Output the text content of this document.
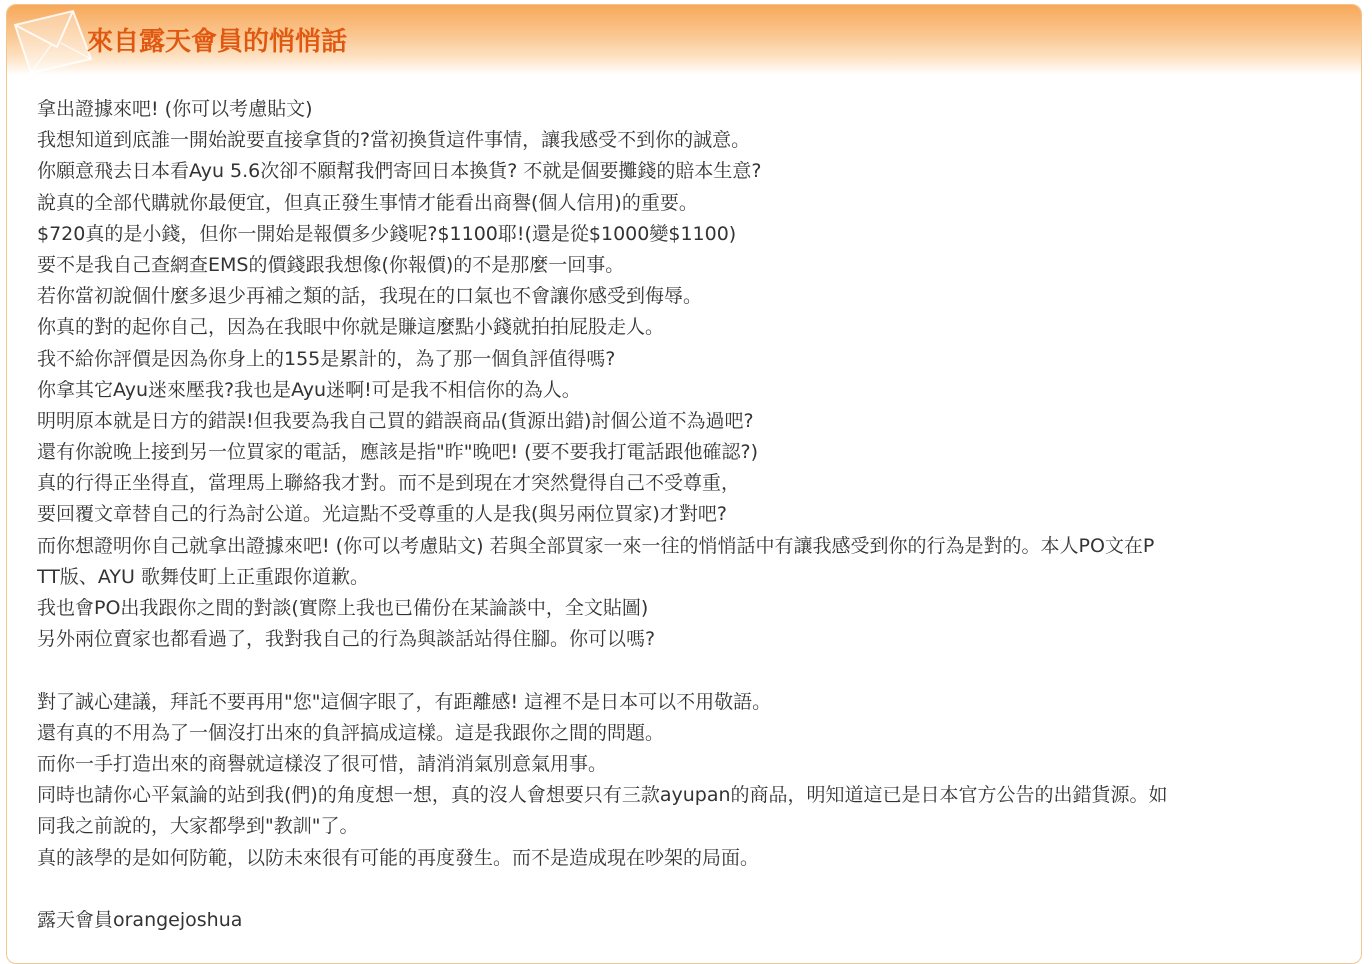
來自露天會員的悄悄話
拿出證據來吧! (你可以考慮貼文)
我想知道到底誰一開始說要直接拿貨的?當初換貨這件事情，讓我感受不到你的誠意。
你願意飛去日本看Ayu 5.6次卻不願幫我們寄回日本換貨? 不就是個要攤錢的賠本生意?
說真的全部代購就你最便宜，但真正發生事情才能看出商譽(個人信用)的重要。
$720真的是小錢，但你一開始是報價多少錢呢?$1100耶!(還是從$1000變$1100)
要不是我自己查網查EMS的價錢跟我想像(你報價)的不是那麼一回事。
若你當初說個什麼多退少再補之類的話，我現在的口氣也不會讓你感受到侮辱。
你真的對的起你自己，因為在我眼中你就是賺這麼點小錢就拍拍屁股走人。
我不給你評價是因為你身上的155是累計的，為了那一個負評值得嗎?
你拿其它Ayu迷來壓我?我也是Ayu迷啊!可是我不相信你的為人。
明明原本就是日方的錯誤!但我要為我自己買的錯誤商品(貨源出錯)討個公道不為過吧?
還有你說晚上接到另一位買家的電話，應該是指"昨"晚吧! (要不要我打電話跟他確認?)
真的行得正坐得直，當理馬上聯絡我才對。而不是到現在才突然覺得自己不受尊重，
要回覆文章替自己的行為討公道。光這點不受尊重的人是我(與另兩位買家)才對吧?
而你想證明你自己就拿出證據來吧! (你可以考慮貼文) 若與全部買家一來一往的悄悄話中有讓我感受到你的行為是對的。本人PO文在P
TT版、AYU 歌舞伎町上正重跟你道歉。
我也會PO出我跟你之間的對談(實際上我也已備份在某論談中，全文貼圖)
另外兩位賣家也都看過了，我對我自己的行為與談話站得住腳。你可以嗎?
對了誠心建議，拜託不要再用"您"這個字眼了，有距離感! 這裡不是日本可以不用敬語。
還有真的不用為了一個沒打出來的負評搞成這樣。這是我跟你之間的問題。
而你一手打造出來的商譽就這樣沒了很可惜，請消消氣別意氣用事。
同時也請你心平氣論的站到我(們)的角度想一想，真的沒人會想要只有三款ayupan的商品，明知道這已是日本官方公告的出錯貨源。如
同我之前說的，大家都學到"教訓"了。
真的該學的是如何防範，以防未來很有可能的再度發生。而不是造成現在吵架的局面。
露天會員orangejoshua
